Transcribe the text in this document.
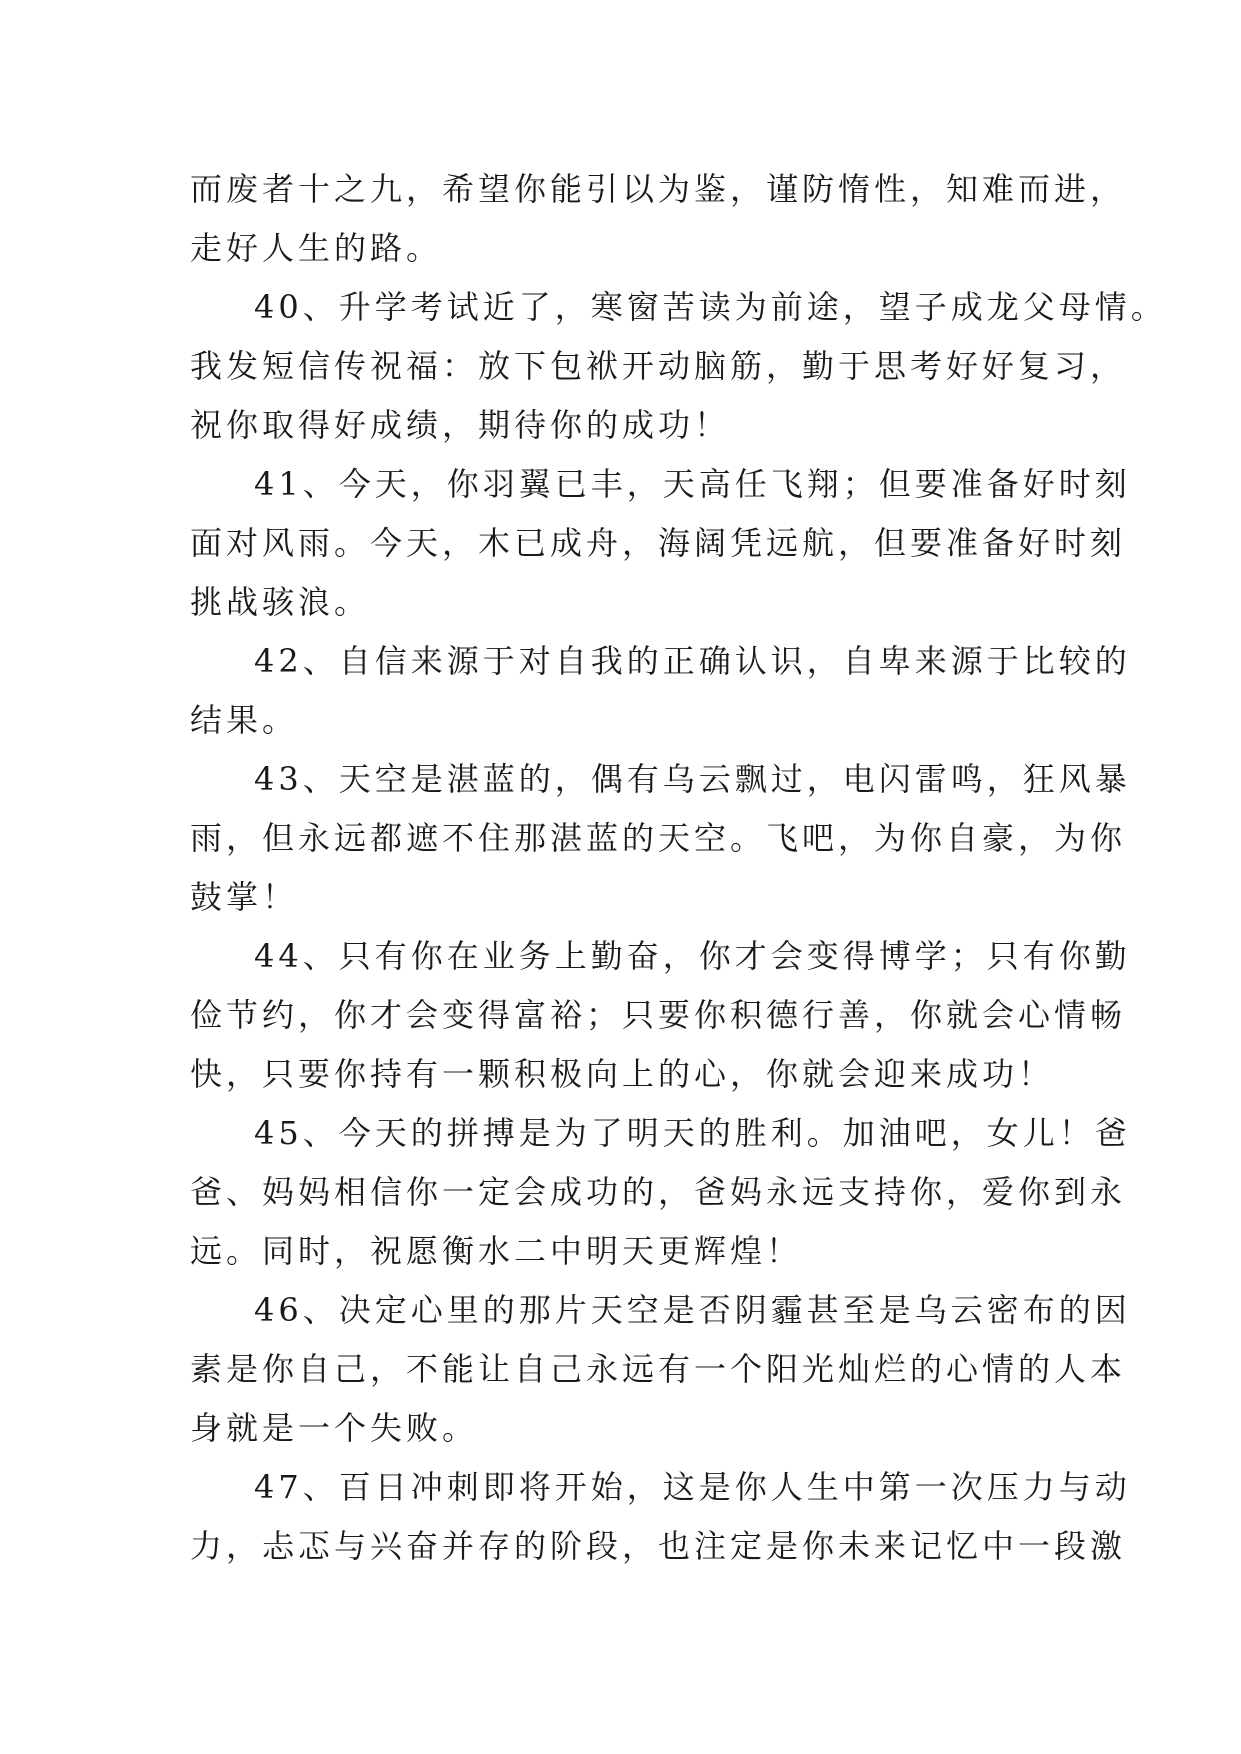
而废者十之九，希望你能引以为鉴，谨防惰性，知难而进，
走好人生的路。
40、升学考试近了，寒窗苦读为前途，望子成龙父母情。
我发短信传祝福：放下包袱开动脑筋，勤于思考好好复习，
祝你取得好成绩，期待你的成功！
41、今天，你羽翼已丰，天高任飞翔；但要准备好时刻
面对风雨。今天，木已成舟，海阔凭远航，但要准备好时刻
挑战骇浪。
42、自信来源于对自我的正确认识，自卑来源于比较的
结果。
43、天空是湛蓝的，偶有乌云飘过，电闪雷鸣，狂风暴
雨，但永远都遮不住那湛蓝的天空。飞吧，为你自豪，为你
鼓掌！
44、只有你在业务上勤奋，你才会变得博学；只有你勤
俭节约，你才会变得富裕；只要你积德行善，你就会心情畅
快，只要你持有一颗积极向上的心，你就会迎来成功！
45、今天的拼搏是为了明天的胜利。加油吧，女儿！爸
爸、妈妈相信你一定会成功的，爸妈永远支持你，爱你到永
远。同时，祝愿衡水二中明天更辉煌！
46、决定心里的那片天空是否阴霾甚至是乌云密布的因
素是你自己，不能让自己永远有一个阳光灿烂的心情的人本
身就是一个失败。
47、百日冲刺即将开始，这是你人生中第一次压力与动
力，忐忑与兴奋并存的阶段，也注定是你未来记忆中一段激
